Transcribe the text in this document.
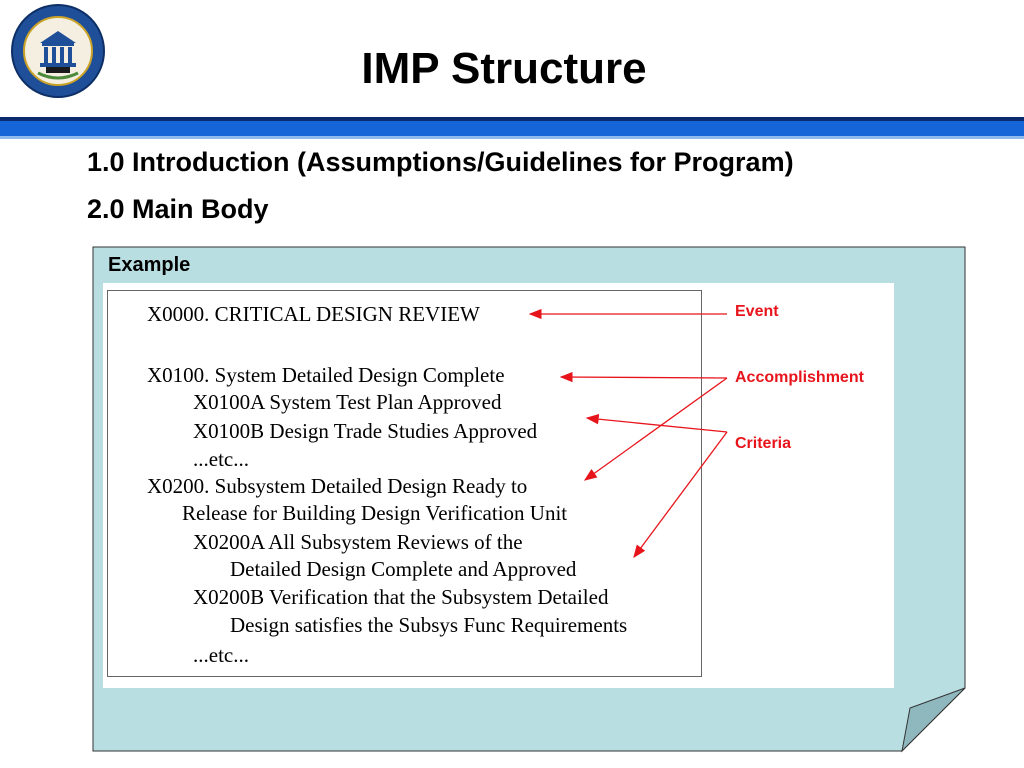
IMP Structure
1.0 Introduction (Assumptions/Guidelines for Program)
2.0 Main Body
Example
X0000. CRITICAL DESIGN REVIEW
X0100. System Detailed Design Complete
X0100A System Test Plan Approved
X0100B Design Trade Studies Approved
...etc...
X0200. Subsystem Detailed Design Ready to
Release for Building Design Verification Unit
X0200A All Subsystem Reviews of the
Detailed Design Complete and Approved
X0200B Verification that the Subsystem Detailed
Design satisfies the Subsys Func Requirements
...etc...
Event
Accomplishment
Criteria
